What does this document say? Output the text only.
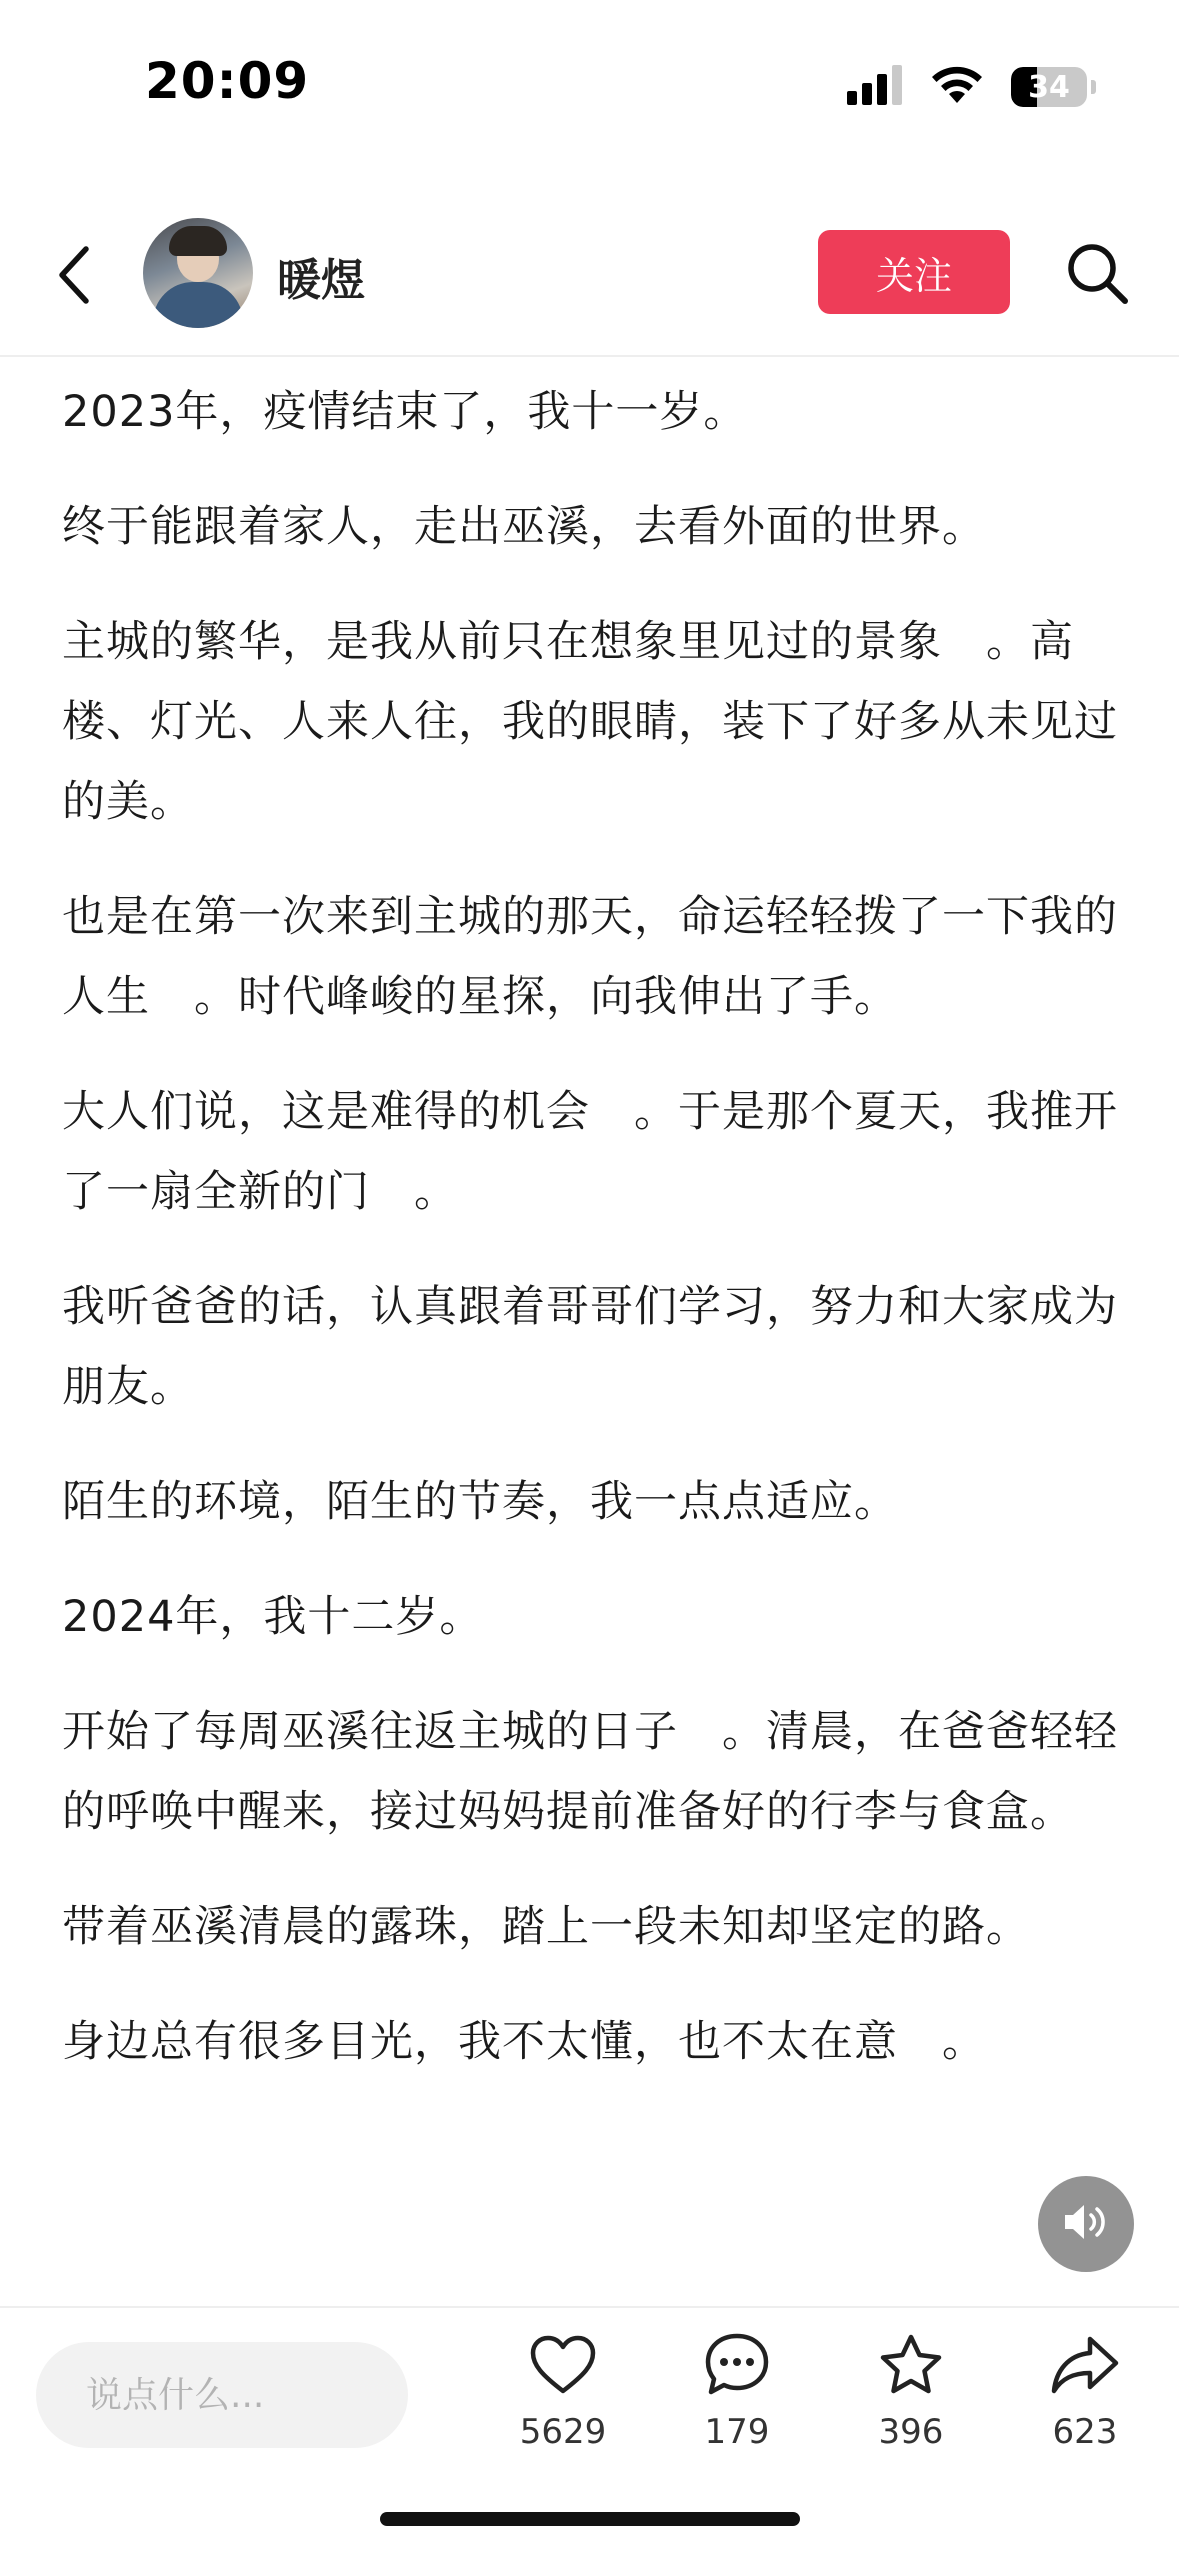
20:09	34
暖煜	关注

2023年，疫情结束了，我十一岁。

终于能跟着家人，走出巫溪，去看外面的世界。

主城的繁华，是我从前只在想象里见过的景象　。高楼、灯光、人来人往，我的眼睛，装下了好多从未见过的美。

也是在第一次来到主城的那天，命运轻轻拨了一下我的人生　。时代峰峻的星探，向我伸出了手。

大人们说，这是难得的机会　。于是那个夏天，我推开了一扇全新的门　。

我听爸爸的话，认真跟着哥哥们学习，努力和大家成为朋友。

陌生的环境，陌生的节奏，我一点点适应。

2024年，我十二岁。

开始了每周巫溪往返主城的日子　。清晨，在爸爸轻轻的呼唤中醒来，接过妈妈提前准备好的行李与食盒。

带着巫溪清晨的露珠，踏上一段未知却坚定的路。

身边总有很多目光，我不太懂，也不太在意　。

说点什么...
5629	179	396	623
